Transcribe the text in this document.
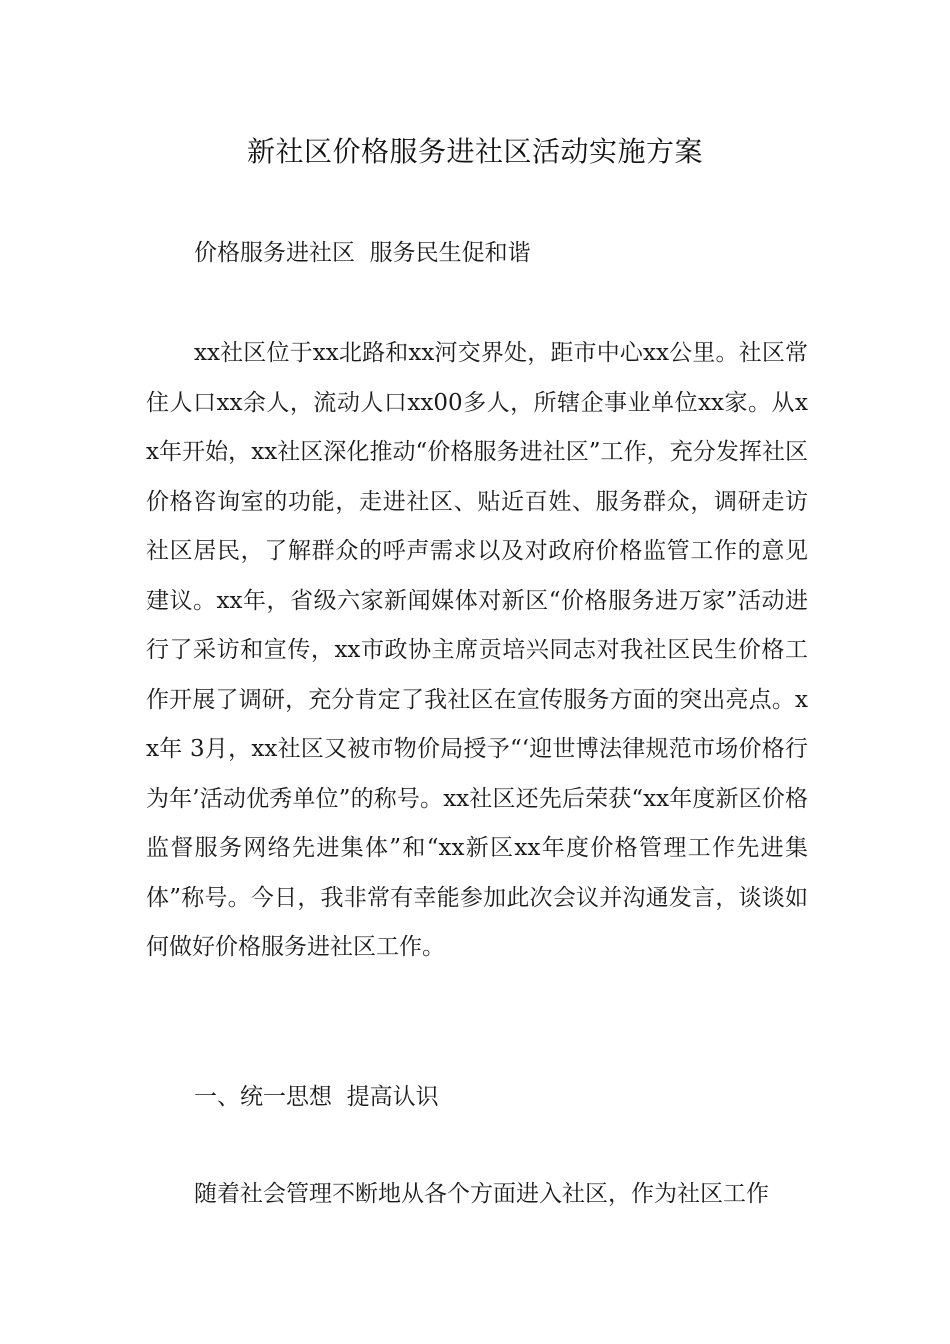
新社区价格服务进社区活动实施方案
价格服务进社区  服务民生促和谐
xx社区位于xx北路和xx河交界处，距市中心xx公里。社区常住人口xx余人，流动人口xx00多人，所辖企事业单位xx家。从xx年开始，xx社区深化推动“价格服务进社区”工作，充分发挥社区价格咨询室的功能，走进社区、贴近百姓、服务群众，调研走访社区居民，了解群众的呼声需求以及对政府价格监管工作的意见建议。xx年，省级六家新闻媒体对新区“价格服务进万家”活动进行了采访和宣传，xx市政协主席贡培兴同志对我社区民生价格工作开展了调研，充分肯定了我社区在宣传服务方面的突出亮点。xx年 3月，xx社区又被市物价局授予“‘迎世博法律规范市场价格行为年’活动优秀单位”的称号。xx社区还先后荣获“xx年度新区价格监督服务网络先进集体”和“xx新区xx年度价格管理工作先进集体”称号。今日，我非常有幸能参加此次会议并沟通发言，谈谈如何做好价格服务进社区工作。
一、统一思想  提高认识
随着社会管理不断地从各个方面进入社区，作为社区工作
